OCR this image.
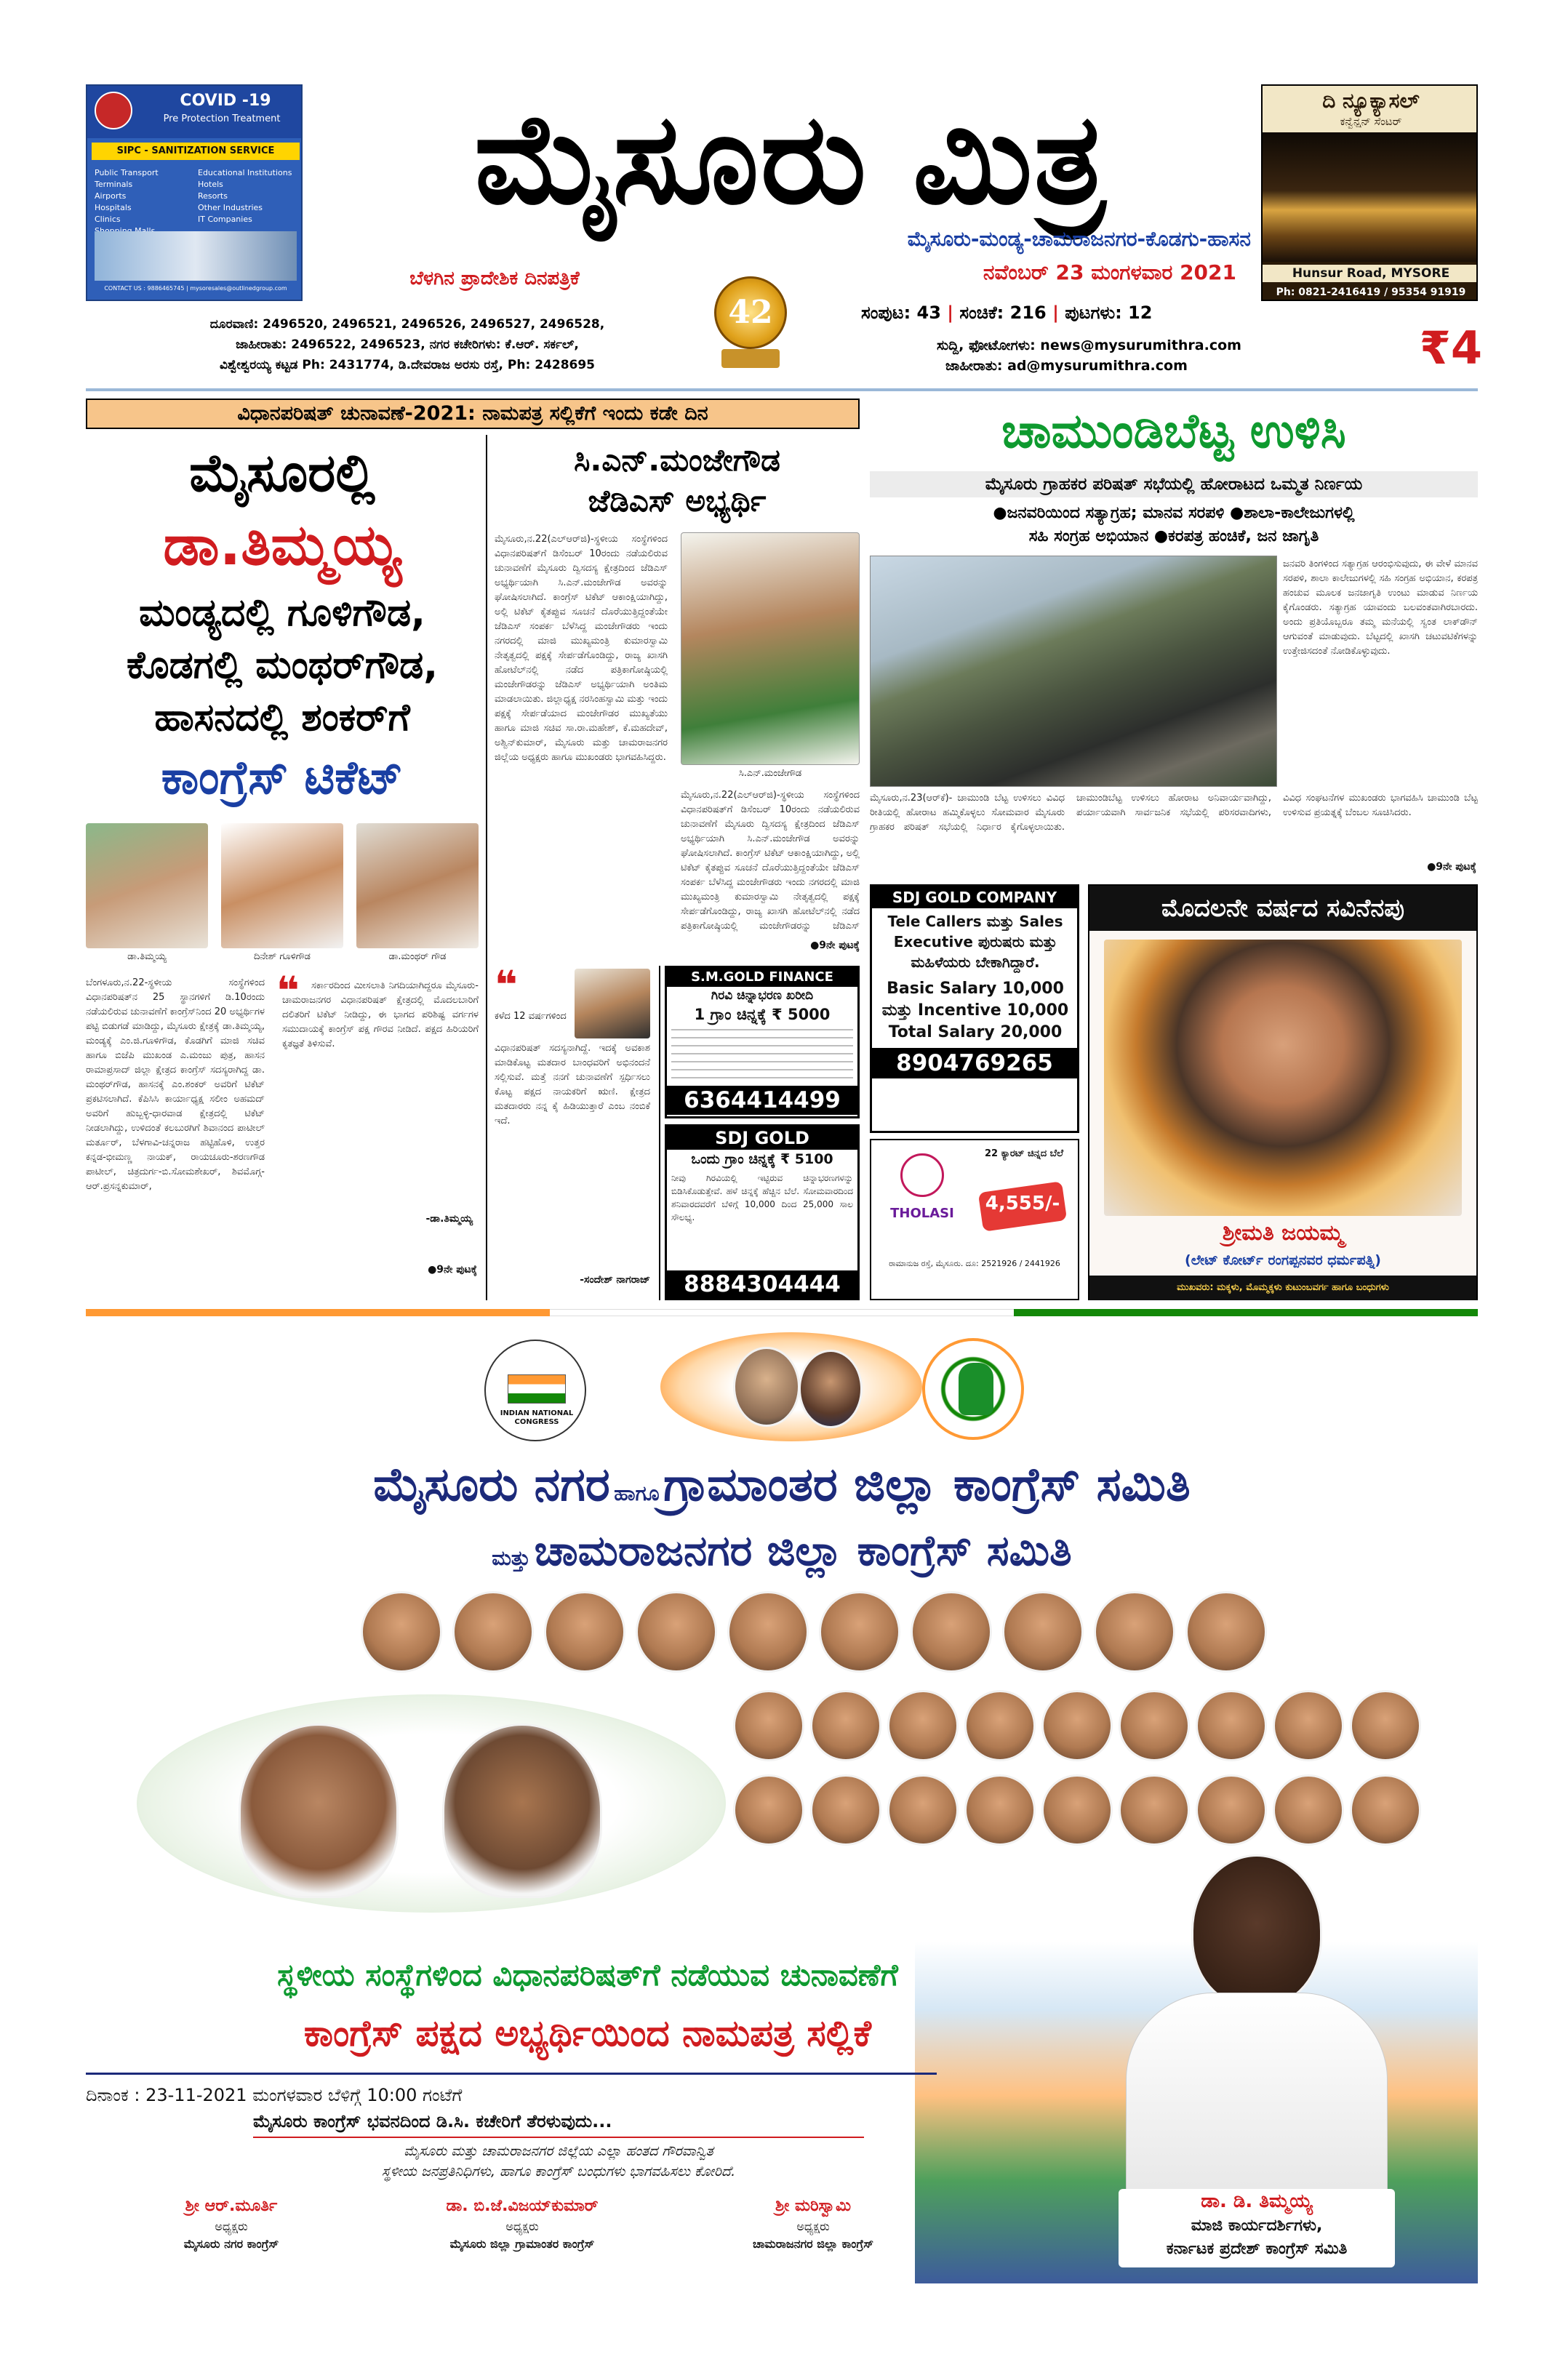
COVID -19
Pre Protection Treatment
SIPC - SANITIZATION SERVICE
Public Transport Terminals
Airports
Hospitals
Clinics
Educational Institutions
Hotels
Resorts
Other Industries
IT Companies
CONTACT US : 9886465745 | mysoresales@outlinedgroup.com
ಮೈಸೂರು ಮಿತ್ರ
ಮೈಸೂರು-ಮಂಡ್ಯ-ಚಾಮರಾಜನಗರ-ಕೊಡಗು-ಹಾಸನ
ಬೆಳಗಿನ ಪ್ರಾದೇಶಿಕ ದಿನಪತ್ರಿಕೆ	ನವೆಂಬರ್ 23 ಮಂಗಳವಾರ 2021
42	ಸಂಪುಟ: 43 | ಸಂಚಿಕೆ: 216 | ಪುಟಗಳು: 12
ಸುದ್ದಿ, ಫೋಟೋಗಳು: news@mysurumithra.com
ಜಾಹೀರಾತು: ad@mysurumithra.com
ದೂರವಾಣಿ: 2496520, 2496521, 2496526, 2496527, 2496528,
ಜಾಹೀರಾತು: 2496522, 2496523, ನಗರ ಕಚೇರಿಗಳು: ಕೆ.ಆರ್. ಸರ್ಕಲ್,
ವಿಶ್ವೇಶ್ವರಯ್ಯ ಕಟ್ಟಡ Ph: 2431774, ಡಿ.ದೇವರಾಜ ಅರಸು ರಸ್ತೆ, Ph: 2428695	₹4
ದಿ ನ್ಯೂಕ್ಯಾಸಲ್
ಕನ್ವೆನ್ಷನ್ ಸೆಂಟರ್
Hunsur Road, MYSORE
Ph: 0821-2416419 / 95354 91919
ವಿಧಾನಪರಿಷತ್ ಚುನಾವಣೆ-2021: ನಾಮಪತ್ರ ಸಲ್ಲಿಕೆಗೆ ಇಂದು ಕಡೇ ದಿನ
ಮೈಸೂರಲ್ಲಿ
ಡಾ.ತಿಮ್ಮಯ್ಯ
ಮಂಡ್ಯದಲ್ಲಿ ಗೂಳಿಗೌಡ,
ಕೊಡಗಲ್ಲಿ ಮಂಥರ್‌ಗೌಡ,
ಹಾಸನದಲ್ಲಿ ಶಂಕರ್‌ಗೆ
ಕಾಂಗ್ರೆಸ್ ಟಿಕೆಟ್
ಡಾ.ತಿಮ್ಮಯ್ಯ	ದಿನೇಶ್ ಗೂಳಿಗೌಡ	ಡಾ.ಮಂಥರ್ ಗೌಡ
ಬೆಂಗಳೂರು,ನ.22-ಸ್ಥಳೀಯ ಸಂಸ್ಥೆಗಳಿಂದ ವಿಧಾನಪರಿಷತ್‌ನ 25 ಸ್ಥಾನಗಳಿಗೆ ಡಿ.10ರಂದು ನಡೆಯಲಿರುವ ಚುನಾವಣೆಗೆ ಕಾಂಗ್ರೆಸ್‌ನಿಂದ 20 ಅಭ್ಯರ್ಥಿಗಳ ಪಟ್ಟಿ ಬಿಡುಗಡೆ ಮಾಡಿದ್ದು, ಮೈಸೂರು ಕ್ಷೇತ್ರಕ್ಕೆ ಡಾ.ತಿಮ್ಮಯ್ಯ, ಮಂಡ್ಯಕ್ಕೆ ಎಂ.ಜಿ.ಗೂಳಿಗೌಡ, ಕೊಡಗಿಗೆ ಮಾಜಿ ಸಚಿವ ಹಾಗೂ ಬಿಜೆಪಿ ಮುಖಂಡ ಎ.ಮಂಜು ಪುತ್ರ, ಹಾಸನ ರಾಮಾಪ್ರಸಾದ್ ಜಿಲ್ಲಾ ಕ್ಷೇತ್ರದ ಕಾಂಗ್ರೆಸ್ ಸದಸ್ಯರಾಗಿದ್ದ ಡಾ. ಮಂಥರ್‌ಗೌಡ, ಹಾಸನಕ್ಕೆ ಎಂ.ಶಂಕರ್ ಅವರಿಗೆ ಟಿಕೆಟ್ ಪ್ರಕಟಿಸಲಾಗಿದೆ. ಕೆಪಿಸಿಸಿ ಕಾರ್ಯಾಧ್ಯಕ್ಷ ಸಲೀಂ ಅಹಮದ್ ಅವರಿಗೆ ಹುಬ್ಬಳ್ಳಿ-ಧಾರವಾಡ ಕ್ಷೇತ್ರದಲ್ಲಿ ಟಿಕೆಟ್ ನೀಡಲಾಗಿದ್ದು, ಉಳಿದಂತೆ ಕಲಬುರಗಿಗೆ ಶಿವಾನಂದ ಪಾಟೀಲ್ ಮರ್ತೂರ್, ಬೆಳಗಾವಿ-ಚನ್ನರಾಜ ಹಟ್ಟಿಹೊಳಿ, ಉತ್ತರ ಕನ್ನಡ-ಭೀಮಣ್ಣ ನಾಯಕ್, ರಾಯಚೂರು-ಶರಣಗೌಡ ಪಾಟೀಲ್, ಚಿತ್ರದುರ್ಗ-ಬಿ.ಸೋಮಶೇಖರ್, ಶಿವಮೊಗ್ಗ-ಆರ್.ಪ್ರಸನ್ನಕುಮಾರ್,
❝	ಸರ್ಕಾರದಿಂದ ಮೀಸಲಾತಿ ನಿಗದಿಯಾಗಿದ್ದರೂ ಮೈಸೂರು-ಚಾಮರಾಜನಗರ ವಿಧಾನಪರಿಷತ್ ಕ್ಷೇತ್ರದಲ್ಲಿ ಮೊದಲಬಾರಿಗೆ ದಲಿತರಿಗೆ ಟಿಕೆಟ್ ನೀಡಿದ್ದು, ಈ ಭಾಗದ ಪರಿಶಿಷ್ಟ ವರ್ಗಗಳ ಸಮುದಾಯಕ್ಕೆ ಕಾಂಗ್ರೆಸ್ ಪಕ್ಷ ಗೌರವ ನೀಡಿದೆ. ಪಕ್ಷದ ಹಿರಿಯರಿಗೆ ಕೃತಜ್ಞತೆ ತಿಳಿಸುವೆ.
-ಡಾ.ತಿಮ್ಮಯ್ಯ
●9ನೇ ಪುಟಕ್ಕೆ
ಸಿ.ಎನ್.ಮಂಜೇಗೌಡ
ಜೆಡಿಎಸ್ ಅಭ್ಯರ್ಥಿ
ಮೈಸೂರು,ನ.22(ಎಲ್‌ಆರ್‌ಜಿ)-ಸ್ಥಳೀಯ ಸಂಸ್ಥೆಗಳಿಂದ ವಿಧಾನಪರಿಷತ್‌ಗೆ ಡಿಸೆಂಬರ್ 10ರಂದು ನಡೆಯಲಿರುವ ಚುನಾವಣೆಗೆ ಮೈಸೂರು ದ್ವಿಸದಸ್ಯ ಕ್ಷೇತ್ರದಿಂದ ಜೆಡಿಎಸ್ ಅಭ್ಯರ್ಥಿಯಾಗಿ ಸಿ.ಎನ್.ಮಂಜೇಗೌಡ ಅವರನ್ನು ಘೋಷಿಸಲಾಗಿದೆ. ಕಾಂಗ್ರೆಸ್ ಟಿಕೆಟ್ ಆಕಾಂಕ್ಷಿಯಾಗಿದ್ದು, ಅಲ್ಲಿ ಟಿಕೆಟ್ ಕೈತಪ್ಪುವ ಸೂಚನೆ ದೊರೆಯುತ್ತಿದ್ದಂತೆಯೇ ಜೆಡಿಎಸ್ ಸಂಪರ್ಕ ಬೆಳೆಸಿದ್ದ ಮಂಜೇಗೌಡರು ಇಂದು ನಗರದಲ್ಲಿ ಮಾಜಿ ಮುಖ್ಯಮಂತ್ರಿ ಕುಮಾರಸ್ವಾಮಿ ನೇತೃತ್ವದಲ್ಲಿ ಪಕ್ಷಕ್ಕೆ ಸೇರ್ಪಡೆಗೊಂಡಿದ್ದು, ರಾಜ್ಯ ಖಾಸಗಿ ಹೋಟೆಲ್‌ನಲ್ಲಿ ನಡೆದ ಪತ್ರಿಕಾಗೋಷ್ಠಿಯಲ್ಲಿ ಮಂಜೇಗೌಡರನ್ನು ಜೆಡಿಎಸ್ ಅಭ್ಯರ್ಥಿಯಾಗಿ ಅಂತಿಮ ಮಾಡಲಾಯಿತು. ಜಿಲ್ಲಾಧ್ಯಕ್ಷ ನರಸಿಂಹಸ್ವಾಮಿ ಮತ್ತು ಇಂದು ಪಕ್ಷಕ್ಕೆ ಸೇರ್ಪಡೆಯಾದ ಮಂಜೇಗೌಡರ ಮುಖ್ಯತೆಯು ಹಾಗೂ ಮಾಜಿ ಸಚಿವ ಸಾ.ರಾ.ಮಹೇಶ್, ಕೆ.ಮಹದೇವ್, ಅಶ್ವಿನ್‌ಕುಮಾರ್, ಮೈಸೂರು ಮತ್ತು ಚಾಮರಾಜನಗರ ಜಿಲ್ಲೆಯ ಅಧ್ಯಕ್ಷರು ಹಾಗೂ ಮುಖಂಡರು ಭಾಗವಹಿಸಿದ್ದರು.
ಸಿ.ಎನ್.ಮಂಜೇಗೌಡ
ಮೈಸೂರು,ನ.22(ಎಲ್‌ಆರ್‌ಜಿ)-ಸ್ಥಳೀಯ ಸಂಸ್ಥೆಗಳಿಂದ ವಿಧಾನಪರಿಷತ್‌ಗೆ ಡಿಸೆಂಬರ್ 10ರಂದು ನಡೆಯಲಿರುವ ಚುನಾವಣೆಗೆ ಮೈಸೂರು ದ್ವಿಸದಸ್ಯ ಕ್ಷೇತ್ರದಿಂದ ಜೆಡಿಎಸ್ ಅಭ್ಯರ್ಥಿಯಾಗಿ ಸಿ.ಎನ್.ಮಂಜೇಗೌಡ ಅವರನ್ನು ಘೋಷಿಸಲಾಗಿದೆ. ಕಾಂಗ್ರೆಸ್ ಟಿಕೆಟ್ ಆಕಾಂಕ್ಷಿಯಾಗಿದ್ದು, ಅಲ್ಲಿ ಟಿಕೆಟ್ ಕೈತಪ್ಪುವ ಸೂಚನೆ ದೊರೆಯುತ್ತಿದ್ದಂತೆಯೇ ಜೆಡಿಎಸ್ ಸಂಪರ್ಕ ಬೆಳೆಸಿದ್ದ ಮಂಜೇಗೌಡರು ಇಂದು ನಗರದಲ್ಲಿ ಮಾಜಿ ಮುಖ್ಯಮಂತ್ರಿ ಕುಮಾರಸ್ವಾಮಿ ನೇತೃತ್ವದಲ್ಲಿ ಪಕ್ಷಕ್ಕೆ ಸೇರ್ಪಡೆಗೊಂಡಿದ್ದು, ರಾಜ್ಯ ಖಾಸಗಿ ಹೋಟೆಲ್‌ನಲ್ಲಿ ನಡೆದ ಪತ್ರಿಕಾಗೋಷ್ಠಿಯಲ್ಲಿ ಮಂಜೇಗೌಡರನ್ನು ಜೆಡಿಎಸ್
●9ನೇ ಪುಟಕ್ಕೆ
❝
ಕಳೆದ 12 ವರ್ಷಗಳಿಂದ
ವಿಧಾನಪರಿಷತ್ ಸದಸ್ಯನಾಗಿದ್ದೆ. ಇದಕ್ಕೆ ಅವಕಾಶ ಮಾಡಿಕೊಟ್ಟ ಮತದಾರ ಬಾಂಧವರಿಗೆ ಅಭಿನಂದನೆ ಸಲ್ಲಿಸುವೆ. ಮತ್ತೆ ನನಗೆ ಚುನಾವಣೆಗೆ ಸ್ಪರ್ಧಿಸಲು ಕೊಟ್ಟ ಪಕ್ಷದ ನಾಯಕರಿಗೆ ಋಣಿ. ಕ್ಷೇತ್ರದ ಮತದಾರರು ನನ್ನ ಕೈ ಹಿಡಿಯುತ್ತಾರೆ ಎಂಬ ನಂಬಿಕೆ ಇದೆ.
-ಸಂದೇಶ್ ನಾಗರಾಜ್
S.M.GOLD FINANCE
ಗಿರವಿ ಚಿನ್ನಾಭರಣ ಖರೀದಿ
1 ಗ್ರಾಂ ಚಿನ್ನಕ್ಕೆ ₹ 5000
6364414499
SDJ GOLD
ಒಂದು ಗ್ರಾಂ ಚಿನ್ನಕ್ಕೆ ₹ 5100
ನೀವು ಗಿರವಿಯಲ್ಲಿ ಇಟ್ಟಿರುವ ಚಿನ್ನಾಭರಣಗಳನ್ನು ಬಿಡಿಸಿಕೊಡುತ್ತೇವೆ. ಹಳೆ ಚಿನ್ನಕ್ಕೆ ಹೆಚ್ಚಿನ ಬೆಲೆ. ಸೋಮವಾರದಿಂದ ಶನಿವಾರದವರೆಗೆ ಬೆಳಿಗ್ಗೆ 10,000 ದಿಂದ 25,000 ಸಾಲ ಸೌಲಭ್ಯ.
8884304444
ಚಾಮುಂಡಿಬೆಟ್ಟ ಉಳಿಸಿ
ಮೈಸೂರು ಗ್ರಾಹಕರ ಪರಿಷತ್ ಸಭೆಯಲ್ಲಿ ಹೋರಾಟದ ಒಮ್ಮತ ನಿರ್ಣಯ
●ಜನವರಿಯಿಂದ ಸತ್ಯಾಗ್ರಹ; ಮಾನವ ಸರಪಳಿ ●ಶಾಲಾ-ಕಾಲೇಜುಗಳಲ್ಲಿ
ಸಹಿ ಸಂಗ್ರಹ ಅಭಿಯಾನ ●ಕರಪತ್ರ ಹಂಚಿಕೆ, ಜನ ಜಾಗೃತಿ
ಜನವರಿ ತಿಂಗಳಿಂದ ಸತ್ಯಾಗ್ರಹ ಆರಂಭಿಸುವುದು, ಈ ವೇಳೆ ಮಾನವ ಸರಪಳಿ, ಶಾಲಾ ಕಾಲೇಜುಗಳಲ್ಲಿ ಸಹಿ ಸಂಗ್ರಹ ಅಭಿಯಾನ, ಕರಪತ್ರ ಹಂಚುವ ಮೂಲಕ ಜನಜಾಗೃತಿ ಉಂಟು ಮಾಡುವ ನಿರ್ಣಯ ಕೈಗೊಂಡರು. ಸತ್ಯಾಗ್ರಹ ಯಾವಂದು ಬಲವಂತವಾಗಿರಬಾರದು. ಅಂದು ಪ್ರತಿಯೊಬ್ಬರೂ ತಮ್ಮ ಮನೆಯಲ್ಲಿ ಸ್ವಂತ ಲಾಕ್‌ಡೌನ್ ಆಗುವಂತೆ ಮಾಡುವುದು. ಬೆಟ್ಟದಲ್ಲಿ ಖಾಸಗಿ ಚಟುವಟಿಕೆಗಳನ್ನು ಉತ್ತೇಜಿಸದಂತೆ ನೋಡಿಕೊಳ್ಳುವುದು.
ಮೈಸೂರು,ನ.23(ಆರ್‌ಕೆ)- ಚಾಮುಂಡಿ ಬೆಟ್ಟ ಉಳಿಸಲು ವಿವಿಧ ರೀತಿಯಲ್ಲಿ ಹೋರಾಟ ಹಮ್ಮಿಕೊಳ್ಳಲು ಸೋಮವಾರ ಮೈಸೂರು ಗ್ರಾಹಕರ ಪರಿಷತ್ ಸಭೆಯಲ್ಲಿ ನಿರ್ಧಾರ ಕೈಗೊಳ್ಳಲಾಯಿತು. ಚಾಮುಂಡಿಬೆಟ್ಟ ಉಳಿಸಲು ಹೋರಾಟ ಅನಿವಾರ್ಯವಾಗಿದ್ದು, ಪರ್ಯಾಯವಾಗಿ ಸಾರ್ವಜನಿಕ ಸಭೆಯಲ್ಲಿ ಪರಿಸರವಾದಿಗಳು, ವಿವಿಧ ಸಂಘಟನೆಗಳ ಮುಖಂಡರು ಭಾಗವಹಿಸಿ ಚಾಮುಂಡಿ ಬೆಟ್ಟ ಉಳಿಸುವ ಪ್ರಯತ್ನಕ್ಕೆ ಬೆಂಬಲ ಸೂಚಿಸಿದರು.
●9ನೇ ಪುಟಕ್ಕೆ
SDJ GOLD COMPANY
Tele Callers ಮತ್ತು Sales
Executive ಪುರುಷರು ಮತ್ತು
ಮಹಿಳೆಯರು ಬೇಕಾಗಿದ್ದಾರೆ.
Basic Salary 10,000
ಮತ್ತು Incentive 10,000
Total Salary 20,000
8904769265
THOLASI
22 ಕ್ಯಾರಟ್ ಚಿನ್ನದ ಬೆಲೆ
4,555/-
ರಾಮಾನುಜ ರಸ್ತೆ, ಮೈಸೂರು. ದೂ: 2521926 / 2441926
ಮೊದಲನೇ ವರ್ಷದ ಸವಿನೆನಪು
ಶ್ರೀಮತಿ ಜಯಮ್ಮ
(ಲೇಟ್ ಕೋರ್ಟ್ ರಂಗಪ್ಪನವರ ಧರ್ಮಪತ್ನಿ)
ಮುಖವರು: ಮಕ್ಕಳು, ಮೊಮ್ಮಕ್ಕಳು ಕುಟುಂಬವರ್ಗ ಹಾಗೂ ಬಂಧುಗಳು
INDIAN NATIONAL CONGRESS
ಮೈಸೂರು ನಗರ ಹಾಗೂ ಗ್ರಾಮಾಂತರ ಜಿಲ್ಲಾ ಕಾಂಗ್ರೆಸ್ ಸಮಿತಿ
ಮತ್ತು ಚಾಮರಾಜನಗರ ಜಿಲ್ಲಾ ಕಾಂಗ್ರೆಸ್ ಸಮಿತಿ
ಡಾ. ಡಿ. ತಿಮ್ಮಯ್ಯ
ಮಾಜಿ ಕಾರ್ಯದರ್ಶಿಗಳು,
ಕರ್ನಾಟಕ ಪ್ರದೇಶ್ ಕಾಂಗ್ರೆಸ್ ಸಮಿತಿ
ಸ್ಥಳೀಯ ಸಂಸ್ಥೆಗಳಿಂದ ವಿಧಾನಪರಿಷತ್‌ಗೆ ನಡೆಯುವ ಚುನಾವಣೆಗೆ
ಕಾಂಗ್ರೆಸ್ ಪಕ್ಷದ ಅಭ್ಯರ್ಥಿಯಿಂದ ನಾಮಪತ್ರ ಸಲ್ಲಿಕೆ
ದಿನಾಂಕ : 23-11-2021 ಮಂಗಳವಾರ ಬೆಳಿಗ್ಗೆ 10:00 ಗಂಟೆಗೆ
ಮೈಸೂರು ಕಾಂಗ್ರೆಸ್ ಭವನದಿಂದ ಡಿ.ಸಿ. ಕಚೇರಿಗೆ ತೆರಳುವುದು...
ಮೈಸೂರು ಮತ್ತು ಚಾಮರಾಜನಗರ ಜಿಲ್ಲೆಯ ಎಲ್ಲಾ ಹಂತದ ಗೌರವಾನ್ವಿತ
ಸ್ಥಳೀಯ ಜನಪ್ರತಿನಿಧಿಗಳು, ಹಾಗೂ ಕಾಂಗ್ರೆಸ್ ಬಂಧುಗಳು ಭಾಗವಹಿಸಲು ಕೋರಿದೆ.
ಶ್ರೀ ಆರ್.ಮೂರ್ತಿ
ಅಧ್ಯಕ್ಷರು
ಮೈಸೂರು ನಗರ ಕಾಂಗ್ರೆಸ್
ಡಾ. ಬಿ.ಜೆ.ವಿಜಯ್‌ಕುಮಾರ್
ಅಧ್ಯಕ್ಷರು
ಮೈಸೂರು ಜಿಲ್ಲಾ ಗ್ರಾಮಾಂತರ ಕಾಂಗ್ರೆಸ್
ಶ್ರೀ ಮರಿಸ್ವಾಮಿ
ಅಧ್ಯಕ್ಷರು
ಚಾಮರಾಜನಗರ ಜಿಲ್ಲಾ ಕಾಂಗ್ರೆಸ್
